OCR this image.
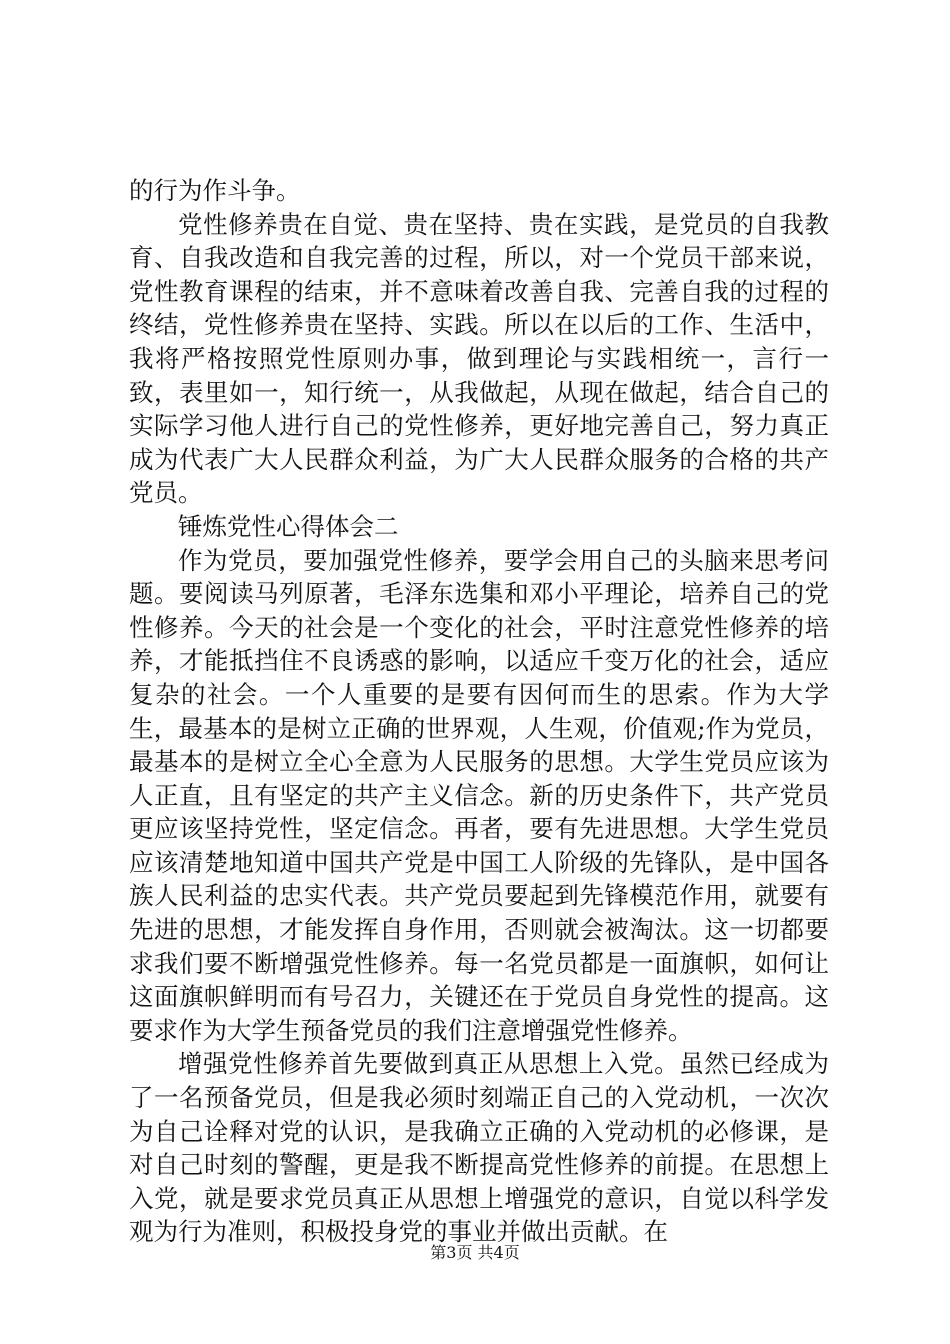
的行为作斗争。

党性修养贵在自觉、贵在坚持、贵在实践，是党员的自我教育、自我改造和自我完善的过程，所以，对一个党员干部来说，党性教育课程的结束，并不意味着改善自我、完善自我的过程的终结，党性修养贵在坚持、实践。所以在以后的工作、生活中，我将严格按照党性原则办事，做到理论与实践相统一，言行一致，表里如一，知行统一，从我做起，从现在做起，结合自己的实际学习他人进行自己的党性修养，更好地完善自己，努力真正成为代表广大人民群众利益，为广大人民群众服务的合格的共产党员。

锤炼党性心得体会二

作为党员，要加强党性修养，要学会用自己的头脑来思考问题。要阅读马列原著，毛泽东选集和邓小平理论，培养自己的党性修养。今天的社会是一个变化的社会，平时注意党性修养的培养，才能抵挡住不良诱惑的影响，以适应千变万化的社会，适应复杂的社会。一个人重要的是要有因何而生的思索。作为大学生，最基本的是树立正确的世界观，人生观，价值观;作为党员，最基本的是树立全心全意为人民服务的思想。大学生党员应该为人正直，且有坚定的共产主义信念。新的历史条件下，共产党员更应该坚持党性，坚定信念。再者，要有先进思想。大学生党员应该清楚地知道中国共产党是中国工人阶级的先锋队，是中国各族人民利益的忠实代表。共产党员要起到先锋模范作用，就要有先进的思想，才能发挥自身作用，否则就会被淘汰。这一切都要求我们要不断增强党性修养。每一名党员都是一面旗帜，如何让这面旗帜鲜明而有号召力，关键还在于党员自身党性的提高。这要求作为大学生预备党员的我们注意增强党性修养。

增强党性修养首先要做到真正从思想上入党。虽然已经成为了一名预备党员，但是我必须时刻端正自己的入党动机，一次次为自己诠释对党的认识，是我确立正确的入党动机的必修课，是对自己时刻的警醒，更是我不断提高党性修养的前提。在思想上入党，就是要求党员真正从思想上增强党的意识，自觉以科学发观为行为准则，积极投身党的事业并做出贡献。在

第3页 共4页
